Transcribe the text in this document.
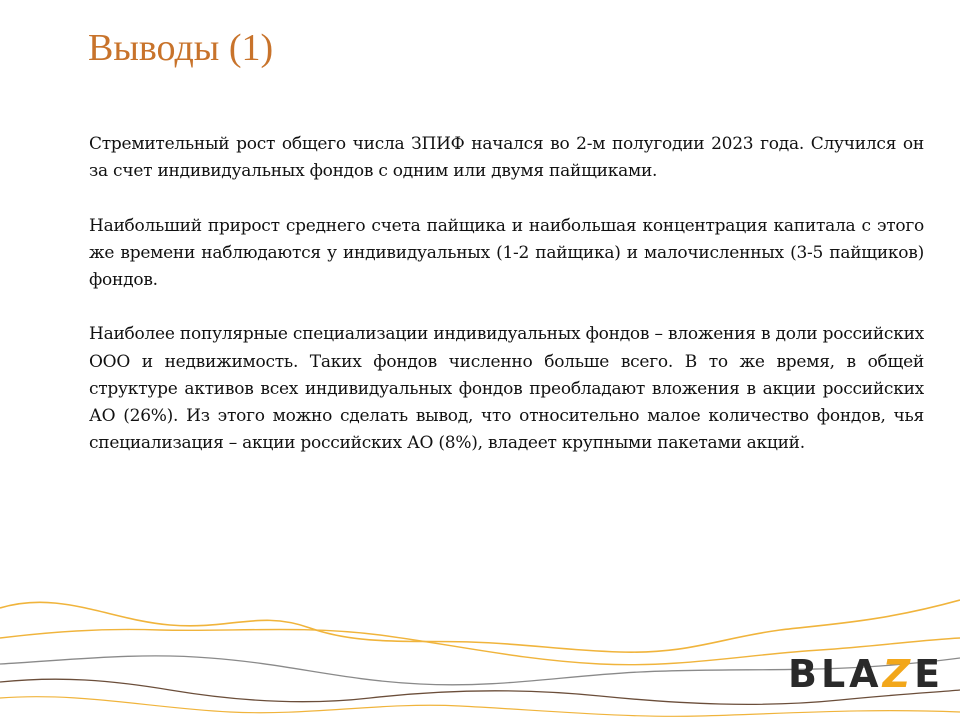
Выводы (1)

Стремительный рост общего числа ЗПИФ начался во 2-м полугодии 2023 года. Случился он за счет индивидуальных фондов с одним или двумя пайщиками.

Наибольший прирост среднего счета пайщика и наибольшая концентрация капитала с этого же времени наблюдаются у индивидуальных (1-2 пайщика) и малочисленных (3-5 пайщиков) фондов.

Наиболее популярные специализации индивидуальных фондов – вложения в доли российских ООО и недвижимость. Таких фондов численно больше всего. В то же время, в общей структуре активов всех индивидуальных фондов преобладают вложения в акции российских АО (26%). Из этого можно сделать вывод, что относительно малое количество фондов, чья специализация – акции российских АО (8%), владеет крупными пакетами акций.

BLAZE
